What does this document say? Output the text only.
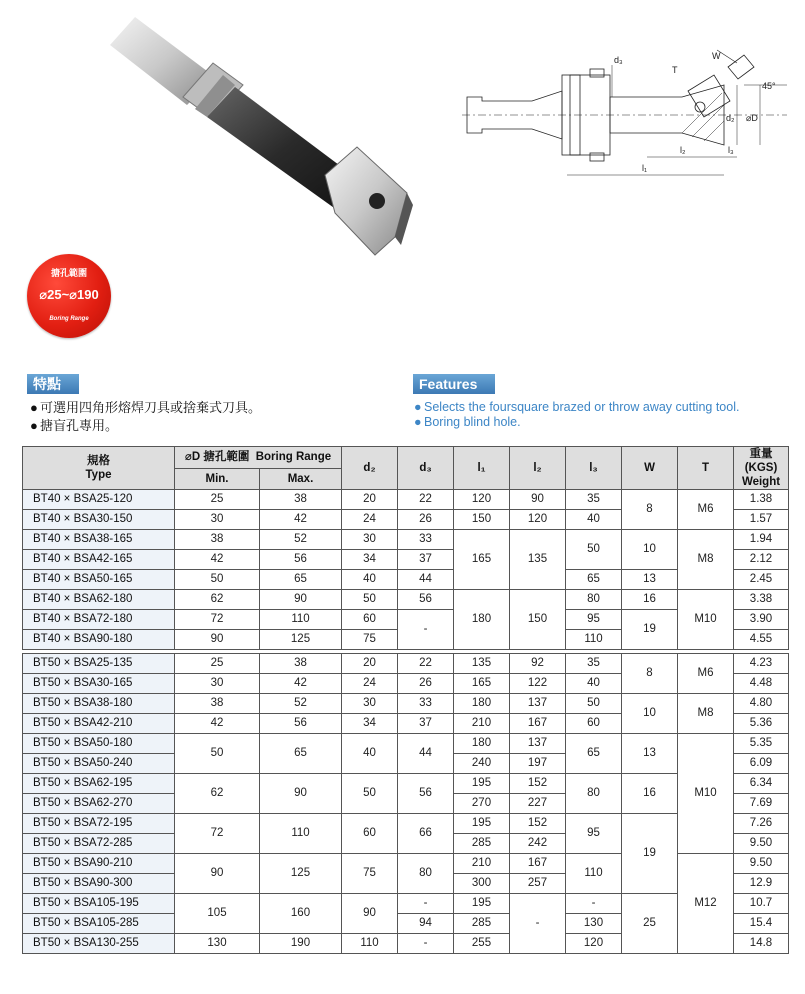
搪孔範圍
⌀25~⌀190
Boring Range
d₃	W
T
45°
⌀D
d₂
l₁
l₂	l₃
特點
● 可選用四角形熔焊刀具或捨棄式刀具。
● 搪盲孔專用。
Features
● Selects the foursquare brazed or throw away cutting tool.
● Boring blind hole.
規格
Type	⌀D 搪孔範圍 Boring Range		d₂	d₃	l₁	l₂	l₃	W	T	重量
(KGS)
Weight
	Min.	Max.								
BT40 × BSA25-120	25	38	20	22	120	90	35	8	M6	1.38
BT40 × BSA30-150	30	42	24	26	150	120	40			1.57
BT40 × BSA38-165	38	52	30	33	165	135	50	10	M8	1.94
BT40 × BSA42-165	42	56	34	37						2.12
BT40 × BSA50-165	50	65	40	44			65	13		2.45
BT40 × BSA62-180	62	90	50	56	180	150	80	16	M10	3.38
BT40 × BSA72-180	72	110	60	-			95	19		3.90
BT40 × BSA90-180	90	125	75				110			4.55

BT50 × BSA25-135	25	38	20	22	135	92	35	8	M6	4.23
BT50 × BSA30-165	30	42	24	26	165	122	40			4.48
BT50 × BSA38-180	38	52	30	33	180	137	50	10	M8	4.80
BT50 × BSA42-210	42	56	34	37	210	167	60			5.36
BT50 × BSA50-180	50	65	40	44	180	137	65	13	M10	5.35
BT50 × BSA50-240					240	197				6.09
BT50 × BSA62-195	62	90	50	56	195	152	80	16		6.34
BT50 × BSA62-270					270	227				7.69
BT50 × BSA72-195	72	110	60	66	195	152	95	19		7.26
BT50 × BSA72-285					285	242				9.50
BT50 × BSA90-210	90	125	75	80	210	167	110		M12	9.50
BT50 × BSA90-300					300	257				12.9
BT50 × BSA105-195	105	160	90	-	195	-	-	25		10.7
BT50 × BSA105-285				94	285		130			15.4
BT50 × BSA130-255	130	190	110	-	255		120			14.8
